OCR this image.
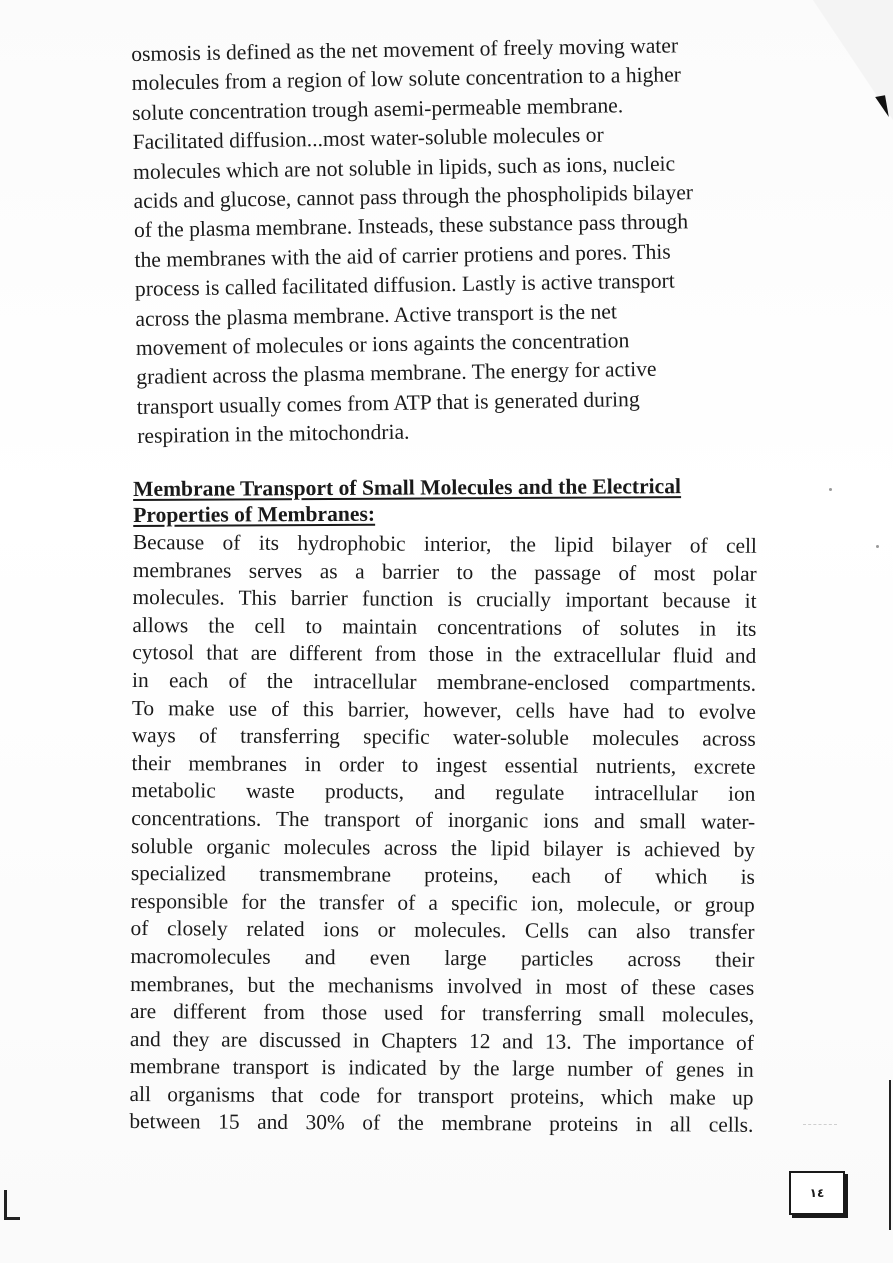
osmosis is defined as the net movement of freely moving water
molecules from a region of low solute concentration to a higher
solute concentration trough asemi-permeable membrane.
Facilitated diffusion...most water-soluble molecules or
molecules which are not soluble in lipids, such as ions, nucleic
acids and glucose, cannot pass through the phospholipids bilayer
of the plasma membrane. Insteads, these substance pass through
the membranes with the aid of carrier protiens and pores. This
process is called facilitated diffusion. Lastly is active transport
across the plasma membrane. Active transport is the net
movement of molecules or ions againts the concentration
gradient across the plasma membrane. The energy for active
transport usually comes from ATP that is generated during
respiration in the mitochondria.
Membrane Transport of Small Molecules and the Electrical
Properties of Membranes:
Because of its hydrophobic interior, the lipid bilayer of cell
membranes serves as a barrier to the passage of most polar
molecules. This barrier function is crucially important because it
allows the cell to maintain concentrations of solutes in its
cytosol that are different from those in the extracellular fluid and
in each of the intracellular membrane-enclosed compartments.
To make use of this barrier, however, cells have had to evolve
ways of transferring specific water-soluble molecules across
their membranes in order to ingest essential nutrients, excrete
metabolic waste products, and regulate intracellular ion
concentrations. The transport of inorganic ions and small water-
soluble organic molecules across the lipid bilayer is achieved by
specialized transmembrane proteins, each of which is
responsible for the transfer of a specific ion, molecule, or group
of closely related ions or molecules. Cells can also transfer
macromolecules and even large particles across their
membranes, but the mechanisms involved in most of these cases
are different from those used for transferring small molecules,
and they are discussed in Chapters 12 and 13. The importance of
membrane transport is indicated by the large number of genes in
all organisms that code for transport proteins, which make up
between 15 and 30% of the membrane proteins in all cells.
١٤
